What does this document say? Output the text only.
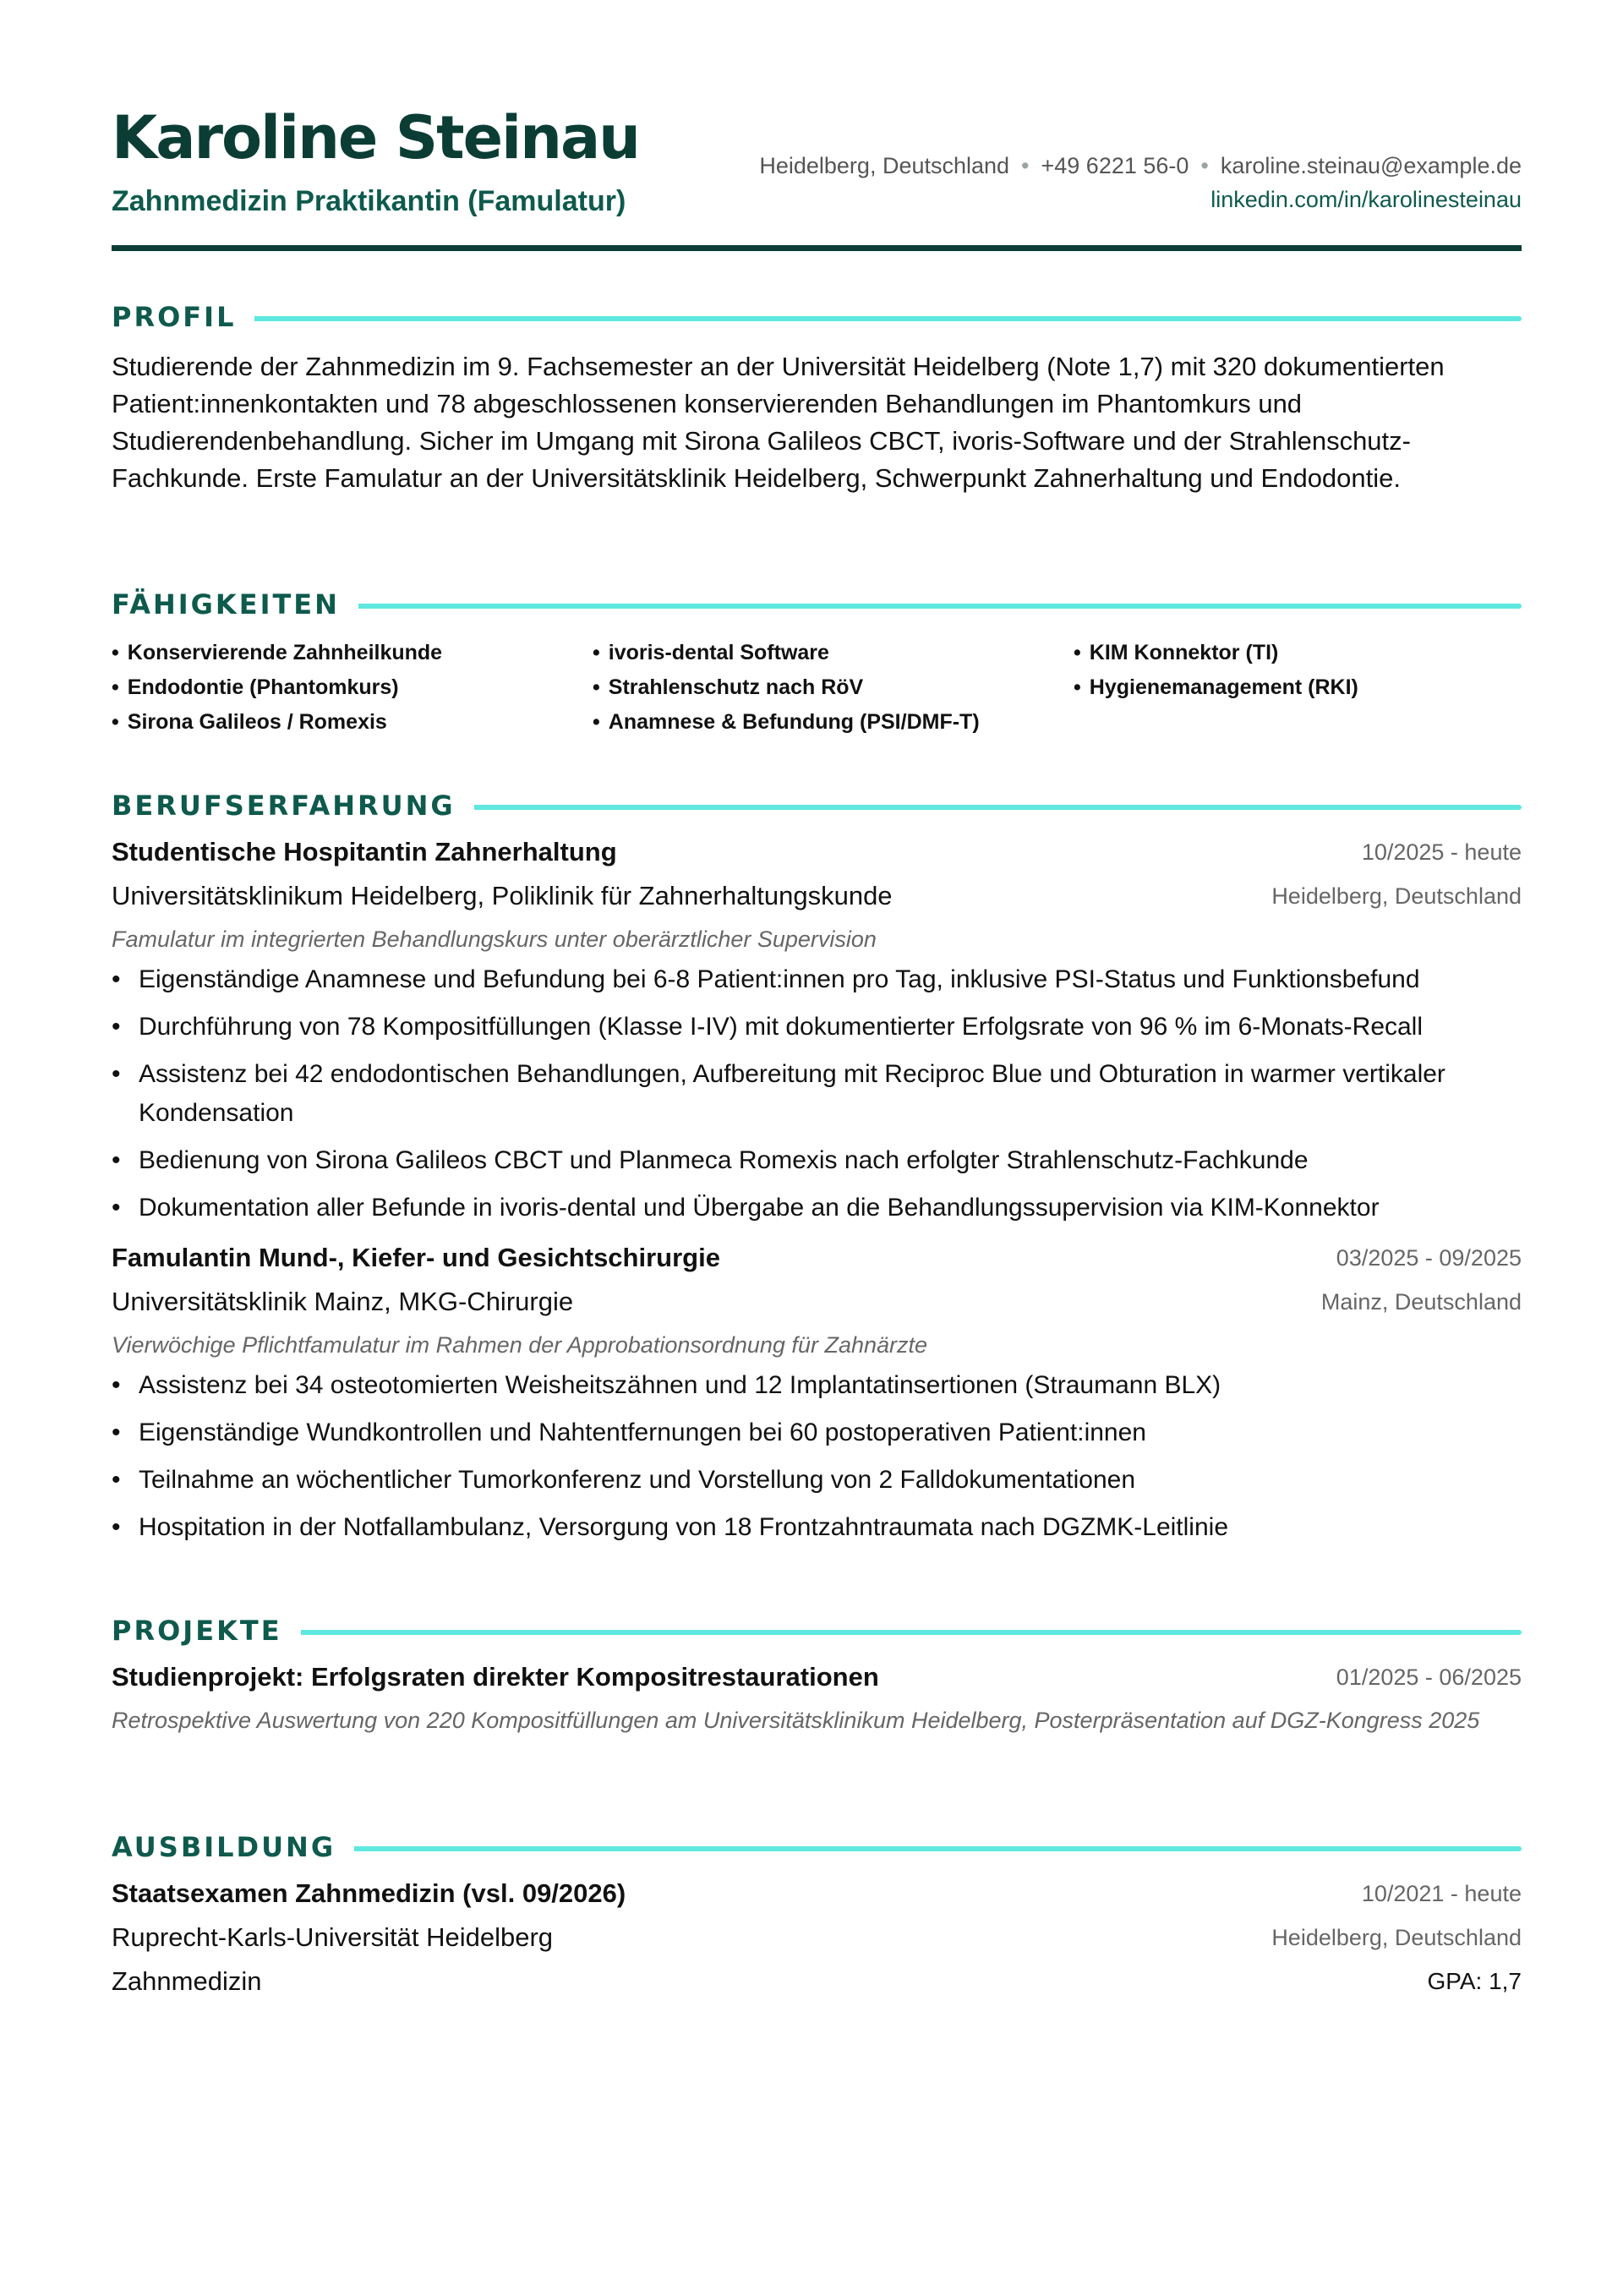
Karoline Steinau
Zahnmedizin Praktikantin (Famulatur)
Heidelberg, Deutschland • +49 6221 56-0 • karoline.steinau@example.de
linkedin.com/in/karolinesteinau
PROFIL
Studierende der Zahnmedizin im 9. Fachsemester an der Universität Heidelberg (Note 1,7) mit 320 dokumentierten Patient:innenkontakten und 78 abgeschlossenen konservierenden Behandlungen im Phantomkurs und Studierendenbehandlung. Sicher im Umgang mit Sirona Galileos CBCT, ivoris-Software und der Strahlenschutz-Fachkunde. Erste Famulatur an der Universitätsklinik Heidelberg, Schwerpunkt Zahnerhaltung und Endodontie.
FÄHIGKEITEN
• Konservierende Zahnheilkunde
• Endodontie (Phantomkurs)
• Sirona Galileos / Romexis
• ivoris-dental Software
• Strahlenschutz nach RöV
• Anamnese & Befundung (PSI/DMF-T)
• KIM Konnektor (TI)
• Hygienemanagement (RKI)
BERUFSERFAHRUNG
Studentische Hospitantin Zahnerhaltung	10/2025 - heute
Universitätsklinikum Heidelberg, Poliklinik für Zahnerhaltungskunde	Heidelberg, Deutschland
Famulatur im integrierten Behandlungskurs unter oberärztlicher Supervision
• Eigenständige Anamnese und Befundung bei 6-8 Patient:innen pro Tag, inklusive PSI-Status und Funktionsbefund
• Durchführung von 78 Kompositfüllungen (Klasse I-IV) mit dokumentierter Erfolgsrate von 96 % im 6-Monats-Recall
• Assistenz bei 42 endodontischen Behandlungen, Aufbereitung mit Reciproc Blue und Obturation in warmer vertikaler Kondensation
• Bedienung von Sirona Galileos CBCT und Planmeca Romexis nach erfolgter Strahlenschutz-Fachkunde
• Dokumentation aller Befunde in ivoris-dental und Übergabe an die Behandlungssupervision via KIM-Konnektor
Famulantin Mund-, Kiefer- und Gesichtschirurgie	03/2025 - 09/2025
Universitätsklinik Mainz, MKG-Chirurgie	Mainz, Deutschland
Vierwöchige Pflichtfamulatur im Rahmen der Approbationsordnung für Zahnärzte
• Assistenz bei 34 osteotomierten Weisheitszähnen und 12 Implantatinsertionen (Straumann BLX)
• Eigenständige Wundkontrollen und Nahtentfernungen bei 60 postoperativen Patient:innen
• Teilnahme an wöchentlicher Tumorkonferenz und Vorstellung von 2 Falldokumentationen
• Hospitation in der Notfallambulanz, Versorgung von 18 Frontzahntraumata nach DGZMK-Leitlinie
PROJEKTE
Studienprojekt: Erfolgsraten direkter Kompositrestaurationen	01/2025 - 06/2025
Retrospektive Auswertung von 220 Kompositfüllungen am Universitätsklinikum Heidelberg, Posterpräsentation auf DGZ-Kongress 2025
AUSBILDUNG
Staatsexamen Zahnmedizin (vsl. 09/2026)	10/2021 - heute
Ruprecht-Karls-Universität Heidelberg	Heidelberg, Deutschland
Zahnmedizin	GPA: 1,7
